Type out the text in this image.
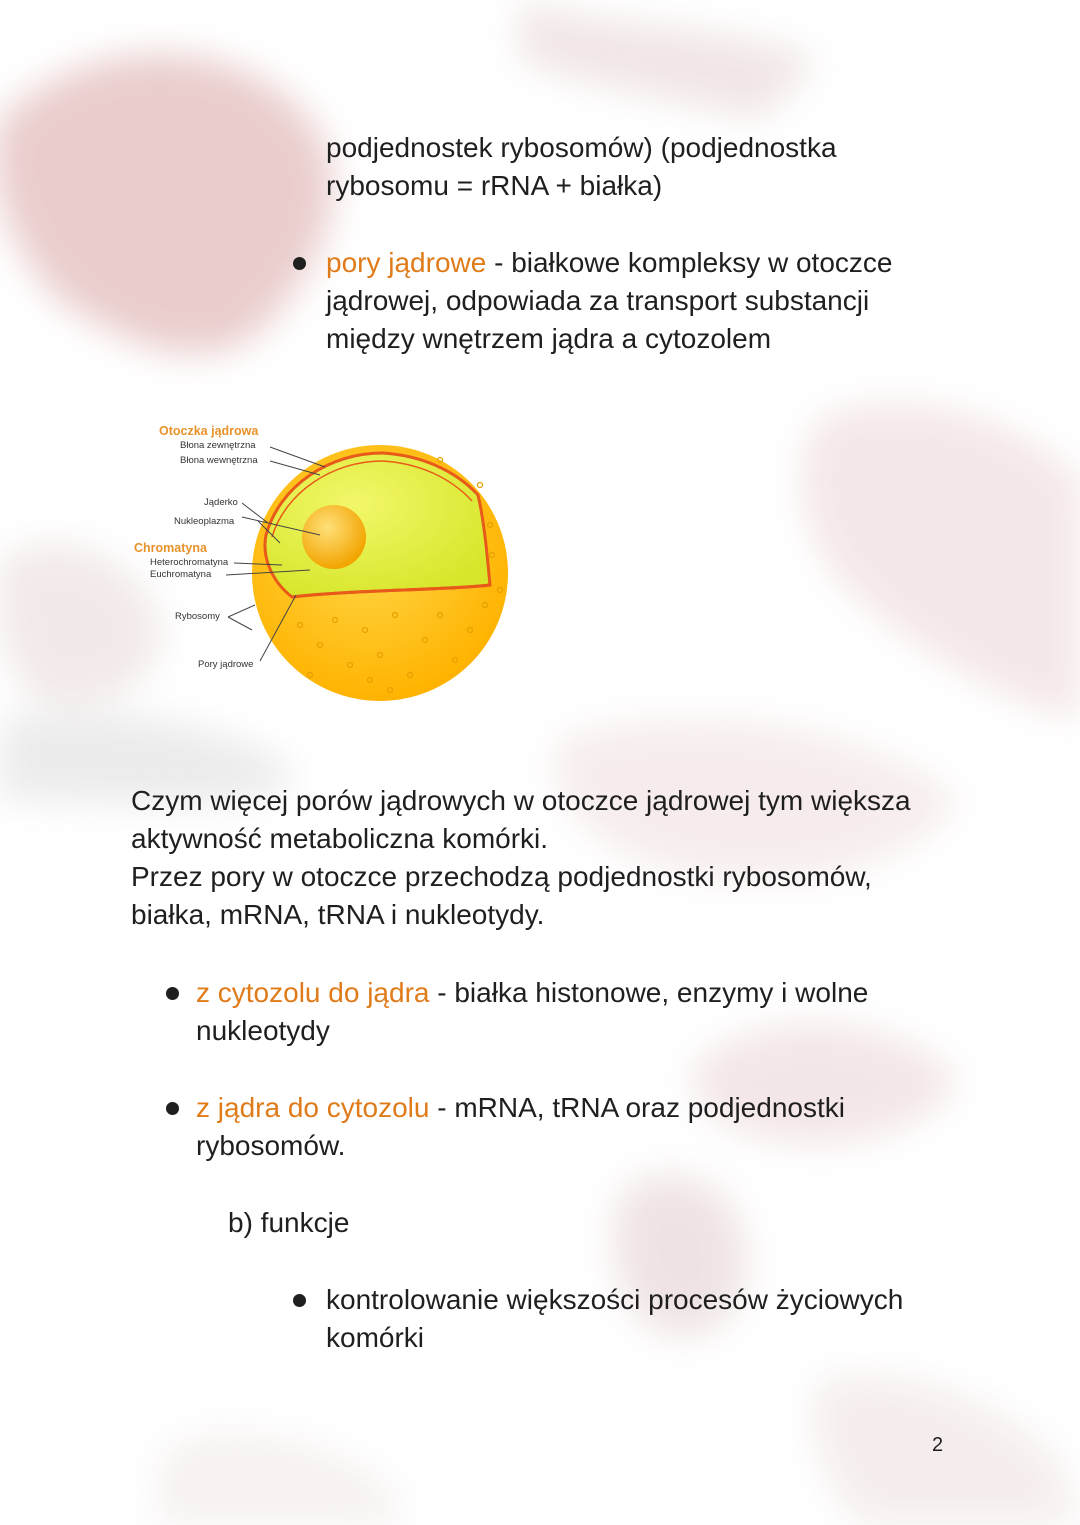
podjednostek rybosomów) (podjednostka

rybosomu = rRNA + białka)

pory jądrowe - białkowe kompleksy w otoczce

jądrowej, odpowiada za transport substancji

między wnętrzem jądra a cytozolem

Otoczka jądrowa
Błona zewnętrzna
Błona wewnętrzna
Jąderko
Nukleoplazma
Chromatyna
Heterochromatyna
Euchromatyna
Rybosomy
Pory jądrowe

Czym więcej porów jądrowych w otoczce jądrowej tym większa

aktywność metaboliczna komórki.

Przez pory w otoczce przechodzą podjednostki rybosomów,

białka, mRNA, tRNA i nukleotydy.

z cytozolu do jądra - białka histonowe, enzymy i wolne

nukleotydy

z jądra do cytozolu - mRNA, tRNA oraz podjednostki

rybosomów.

b) funkcje

kontrolowanie większości procesów życiowych

komórki

2
